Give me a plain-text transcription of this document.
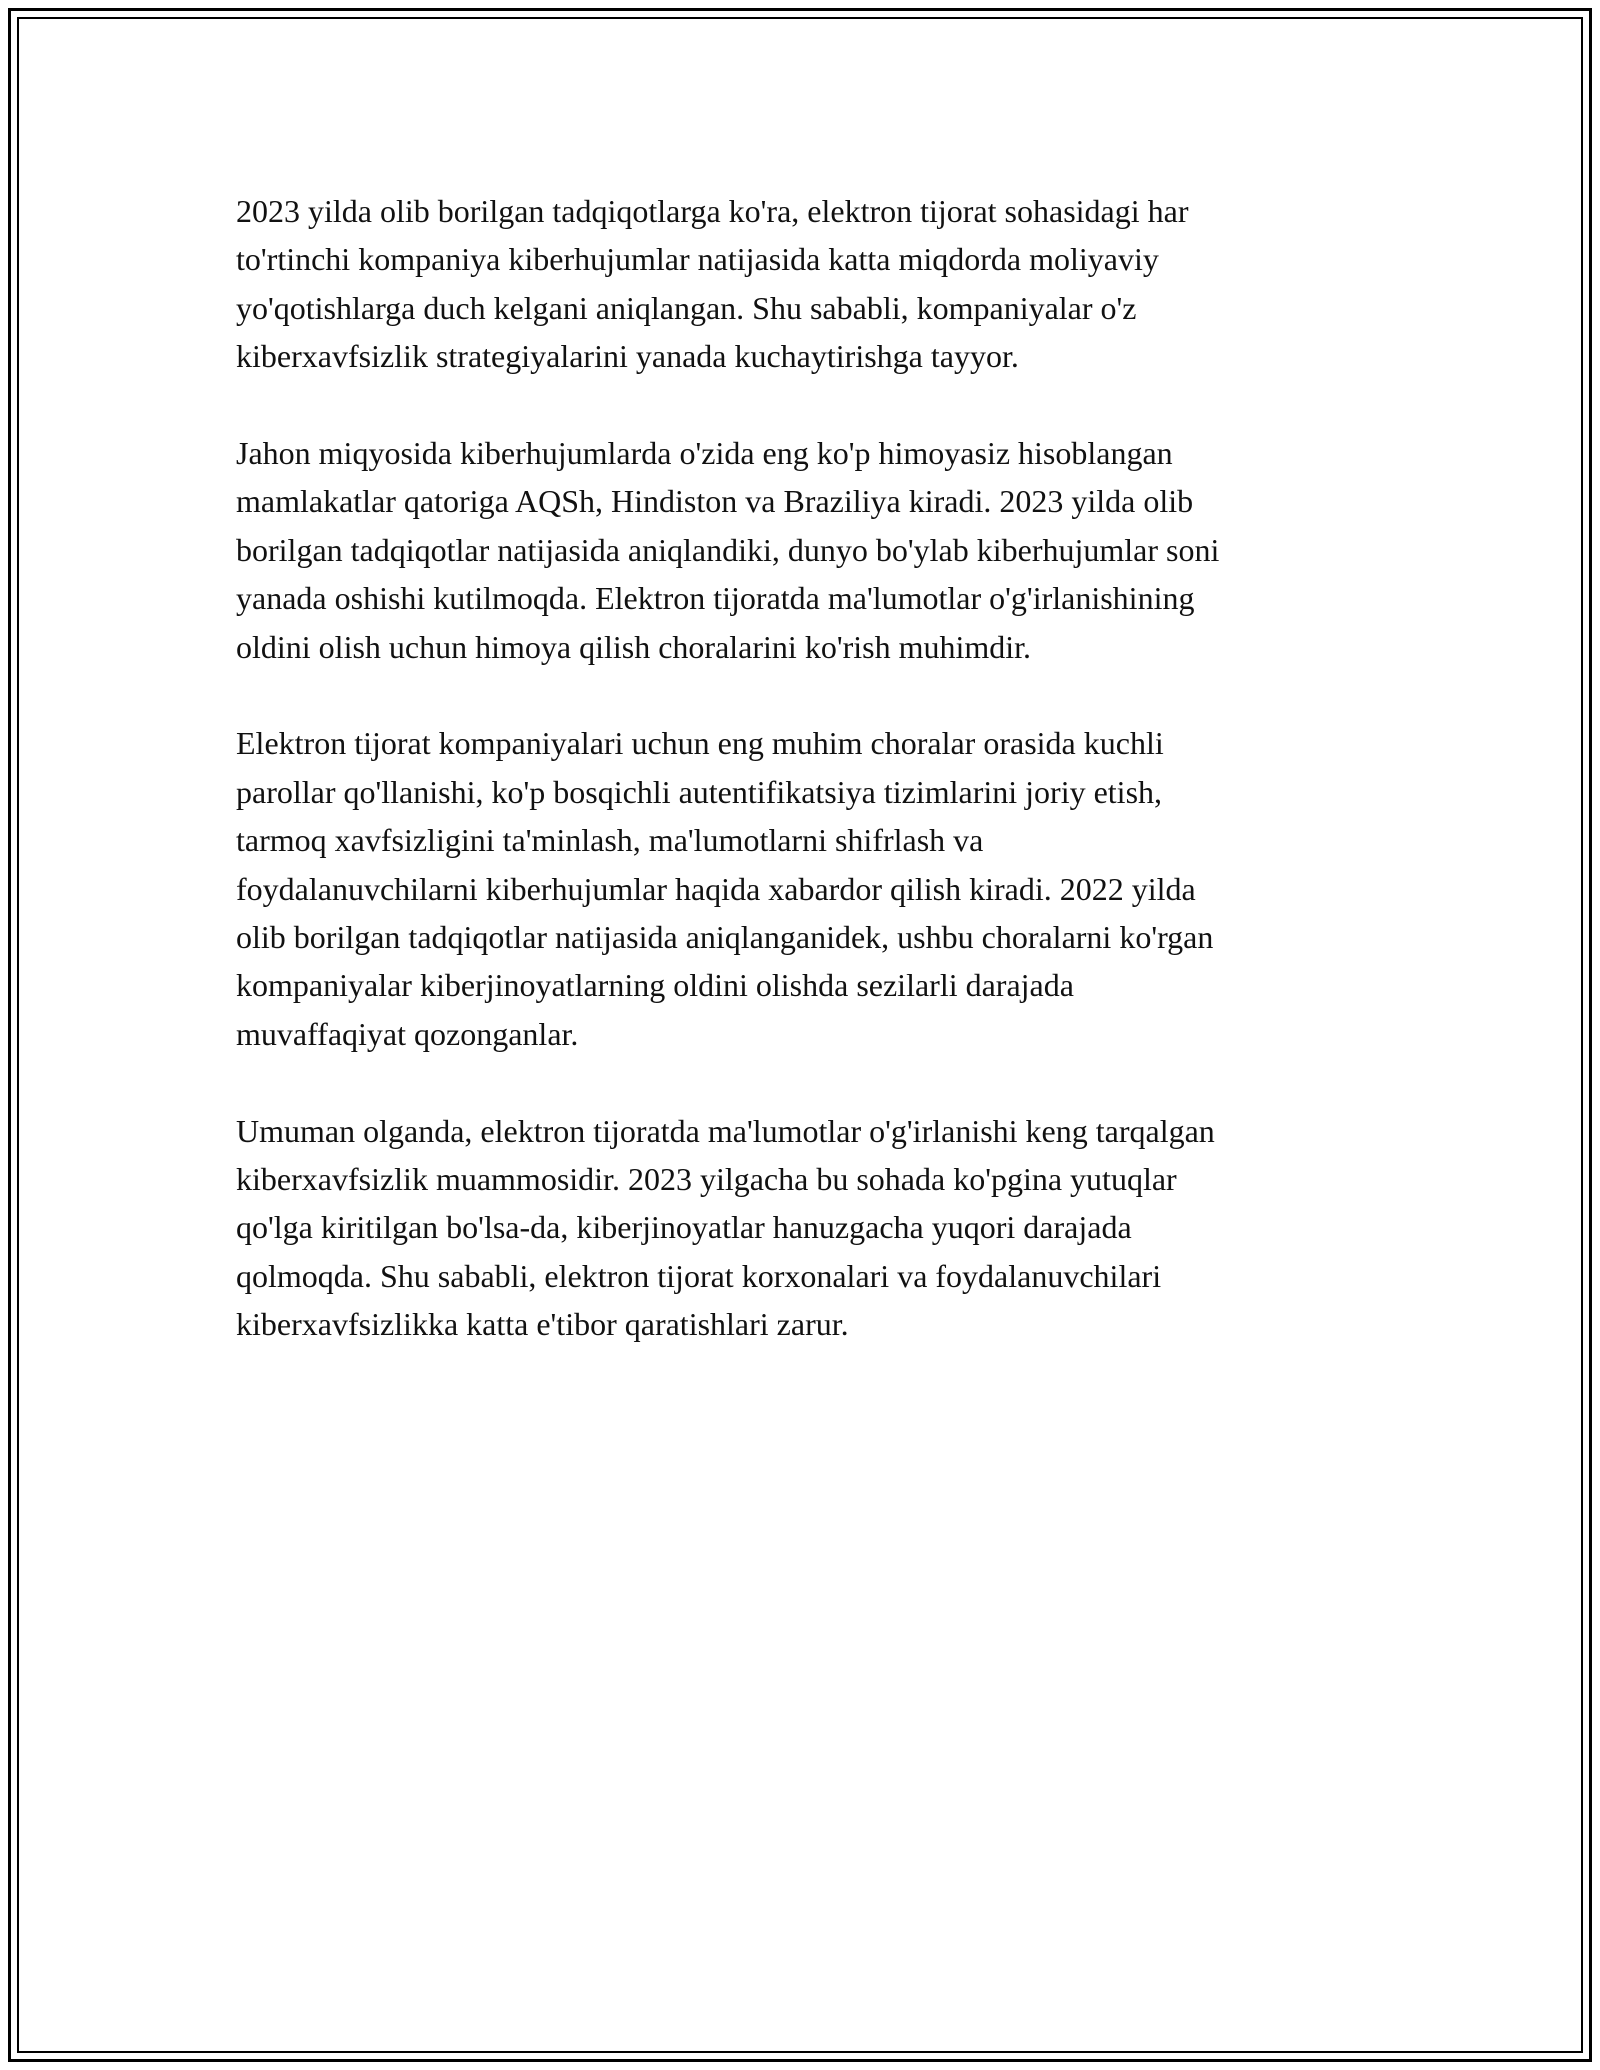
2023 yilda olib borilgan tadqiqotlarga ko'ra, elektron tijorat sohasidagi har
to'rtinchi kompaniya kiberhujumlar natijasida katta miqdorda moliyaviy
yo'qotishlarga duch kelgani aniqlangan. Shu sababli, kompaniyalar o'z
kiberxavfsizlik strategiyalarini yanada kuchaytirishga tayyor.

Jahon miqyosida kiberhujumlarda o'zida eng ko'p himoyasiz hisoblangan
mamlakatlar qatoriga AQSh, Hindiston va Braziliya kiradi. 2023 yilda olib
borilgan tadqiqotlar natijasida aniqlandiki, dunyo bo'ylab kiberhujumlar soni
yanada oshishi kutilmoqda. Elektron tijoratda ma'lumotlar o'g'irlanishining
oldini olish uchun himoya qilish choralarini ko'rish muhimdir.

Elektron tijorat kompaniyalari uchun eng muhim choralar orasida kuchli
parollar qo'llanishi, ko'p bosqichli autentifikatsiya tizimlarini joriy etish,
tarmoq xavfsizligini ta'minlash, ma'lumotlarni shifrlash va
foydalanuvchilarni kiberhujumlar haqida xabardor qilish kiradi. 2022 yilda
olib borilgan tadqiqotlar natijasida aniqlanganidek, ushbu choralarni ko'rgan
kompaniyalar kiberjinoyatlarning oldini olishda sezilarli darajada
muvaffaqiyat qozonganlar.

Umuman olganda, elektron tijoratda ma'lumotlar o'g'irlanishi keng tarqalgan
kiberxavfsizlik muammosidir. 2023 yilgacha bu sohada ko'pgina yutuqlar
qo'lga kiritilgan bo'lsa-da, kiberjinoyatlar hanuzgacha yuqori darajada
qolmoqda. Shu sababli, elektron tijorat korxonalari va foydalanuvchilari
kiberxavfsizlikka katta e'tibor qaratishlari zarur.
